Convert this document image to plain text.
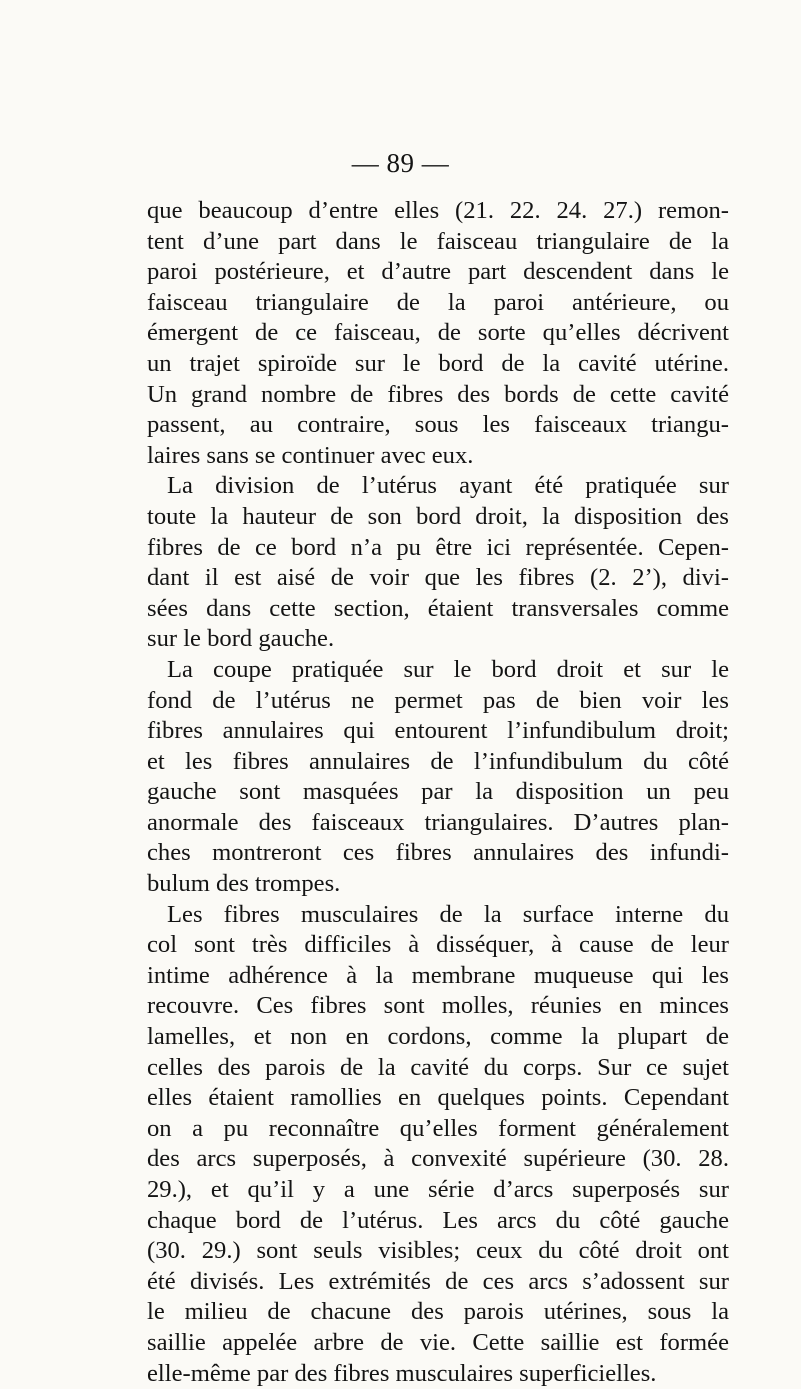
— 89 —
que beaucoup d’entre elles (21. 22. 24. 27.) remon-
tent d’une part dans le faisceau triangulaire de la
paroi postérieure, et d’autre part descendent dans le
faisceau triangulaire de la paroi antérieure, ou
émergent de ce faisceau, de sorte qu’elles décrivent
un trajet spiroïde sur le bord de la cavité utérine.
Un grand nombre de fibres des bords de cette cavité
passent, au contraire, sous les faisceaux triangu-
laires sans se continuer avec eux.
La division de l’utérus ayant été pratiquée sur
toute la hauteur de son bord droit, la disposition des
fibres de ce bord n’a pu être ici représentée. Cepen-
dant il est aisé de voir que les fibres (2. 2’), divi-
sées dans cette section, étaient transversales comme
sur le bord gauche.
La coupe pratiquée sur le bord droit et sur le
fond de l’utérus ne permet pas de bien voir les
fibres annulaires qui entourent l’infundibulum droit;
et les fibres annulaires de l’infundibulum du côté
gauche sont masquées par la disposition un peu
anormale des faisceaux triangulaires. D’autres plan-
ches montreront ces fibres annulaires des infundi-
bulum des trompes.
Les fibres musculaires de la surface interne du
col sont très difficiles à disséquer, à cause de leur
intime adhérence à la membrane muqueuse qui les
recouvre. Ces fibres sont molles, réunies en minces
lamelles, et non en cordons, comme la plupart de
celles des parois de la cavité du corps. Sur ce sujet
elles étaient ramollies en quelques points. Cependant
on a pu reconnaître qu’elles forment généralement
des arcs superposés, à convexité supérieure (30. 28.
29.), et qu’il y a une série d’arcs superposés sur
chaque bord de l’utérus. Les arcs du côté gauche
(30. 29.) sont seuls visibles; ceux du côté droit ont
été divisés. Les extrémités de ces arcs s’adossent sur
le milieu de chacune des parois utérines, sous la
saillie appelée arbre de vie. Cette saillie est formée
elle-même par des fibres musculaires superficielles.
